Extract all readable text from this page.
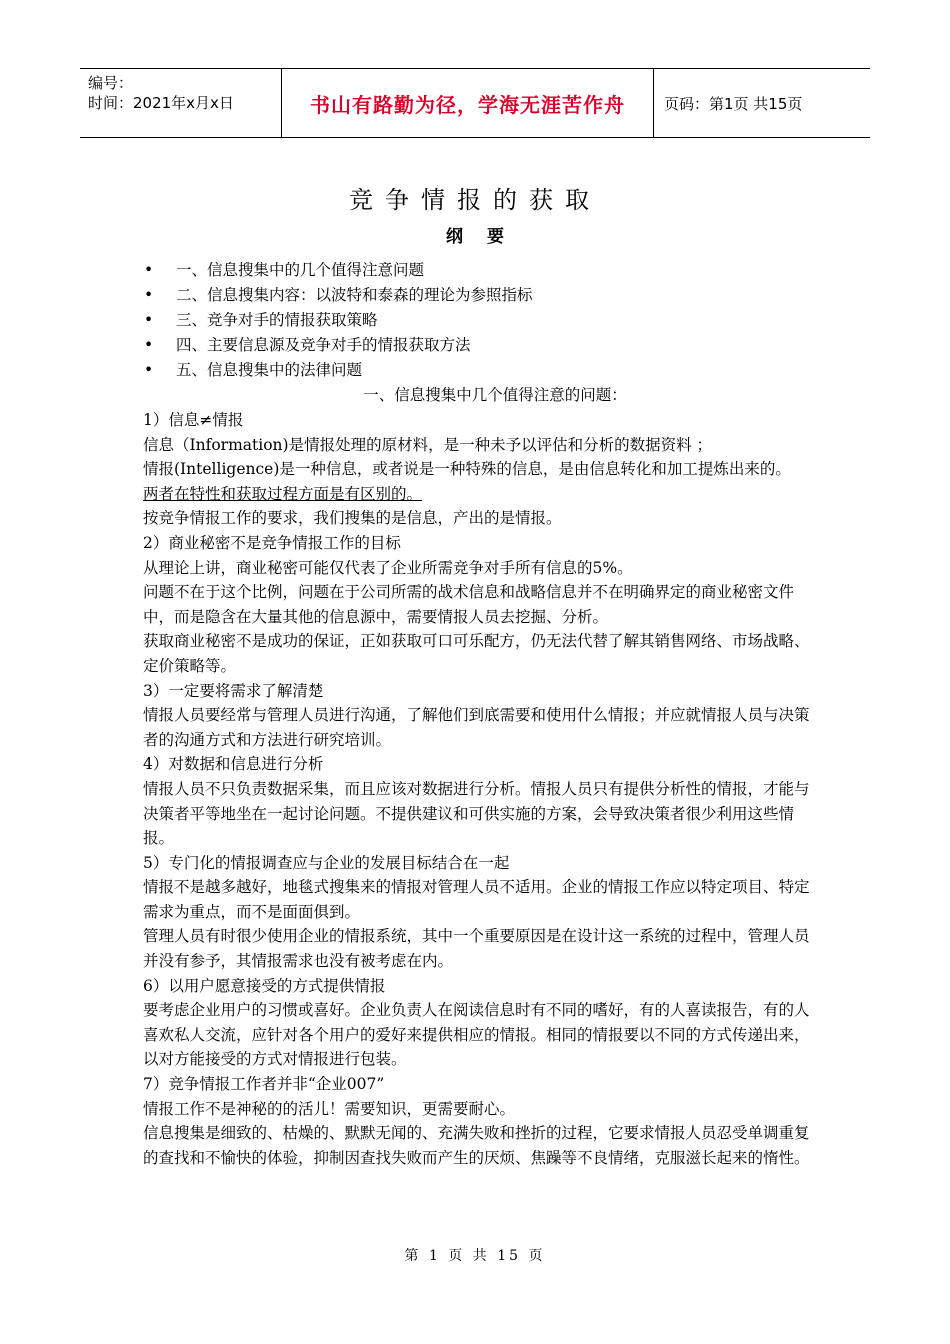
编号：
时间：2021年x月x日	书山有路勤为径，学海无涯苦作舟	页码：第1页 共15页
竞争情报的获取
纲要
•	一、信息搜集中的几个值得注意问题
•	二、信息搜集内容：以波特和泰森的理论为参照指标
•	三、竞争对手的情报获取策略
•	四、主要信息源及竞争对手的情报获取方法
•	五、信息搜集中的法律问题
一、信息搜集中几个值得注意的问题：

1）信息≠情报

信息（Information)是情报处理的原材料，是一种未予以评估和分析的数据资料 ；

情报(Intelligence)是一种信息，或者说是一种特殊的信息，是由信息转化和加工提炼出来的。

两者在特性和获取过程方面是有区别的。

按竞争情报工作的要求，我们搜集的是信息，产出的是情报。

2）商业秘密不是竞争情报工作的目标

从理论上讲，商业秘密可能仅代表了企业所需竞争对手所有信息的5%。

问题不在于这个比例，问题在于公司所需的战术信息和战略信息并不在明确界定的商业秘密文件中，而是隐含在大量其他的信息源中，需要情报人员去挖掘、分析。

获取商业秘密不是成功的保证，正如获取可口可乐配方，仍无法代替了解其销售网络、市场战略、定价策略等。

3）一定要将需求了解清楚

情报人员要经常与管理人员进行沟通，了解他们到底需要和使用什么情报；并应就情报人员与决策者的沟通方式和方法进行研究培训。

4）对数据和信息进行分析

情报人员不只负责数据采集，而且应该对数据进行分析。情报人员只有提供分析性的情报，才能与决策者平等地坐在一起讨论问题。不提供建议和可供实施的方案，会导致决策者很少利用这些情报。

5）专门化的情报调查应与企业的发展目标结合在一起

情报不是越多越好，地毯式搜集来的情报对管理人员不适用。企业的情报工作应以特定项目、特定需求为重点，而不是面面俱到。

管理人员有时很少使用企业的情报系统，其中一个重要原因是在设计这一系统的过程中，管理人员并没有参予，其情报需求也没有被考虑在内。

6）以用户愿意接受的方式提供情报

要考虑企业用户的习惯或喜好。企业负责人在阅读信息时有不同的嗜好，有的人喜读报告，有的人喜欢私人交流，应针对各个用户的爱好来提供相应的情报。相同的情报要以不同的方式传递出来，以对方能接受的方式对情报进行包装。

7）竞争情报工作者并非“企业007”

情报工作不是神秘的的活儿！需要知识，更需要耐心。

信息搜集是细致的、枯燥的、默默无闻的、充满失败和挫折的过程，它要求情报人员忍受单调重复的查找和不愉快的体验，抑制因查找失败而产生的厌烦、焦躁等不良情绪，克服滋长起来的惰性。

第 1 页 共 15 页
